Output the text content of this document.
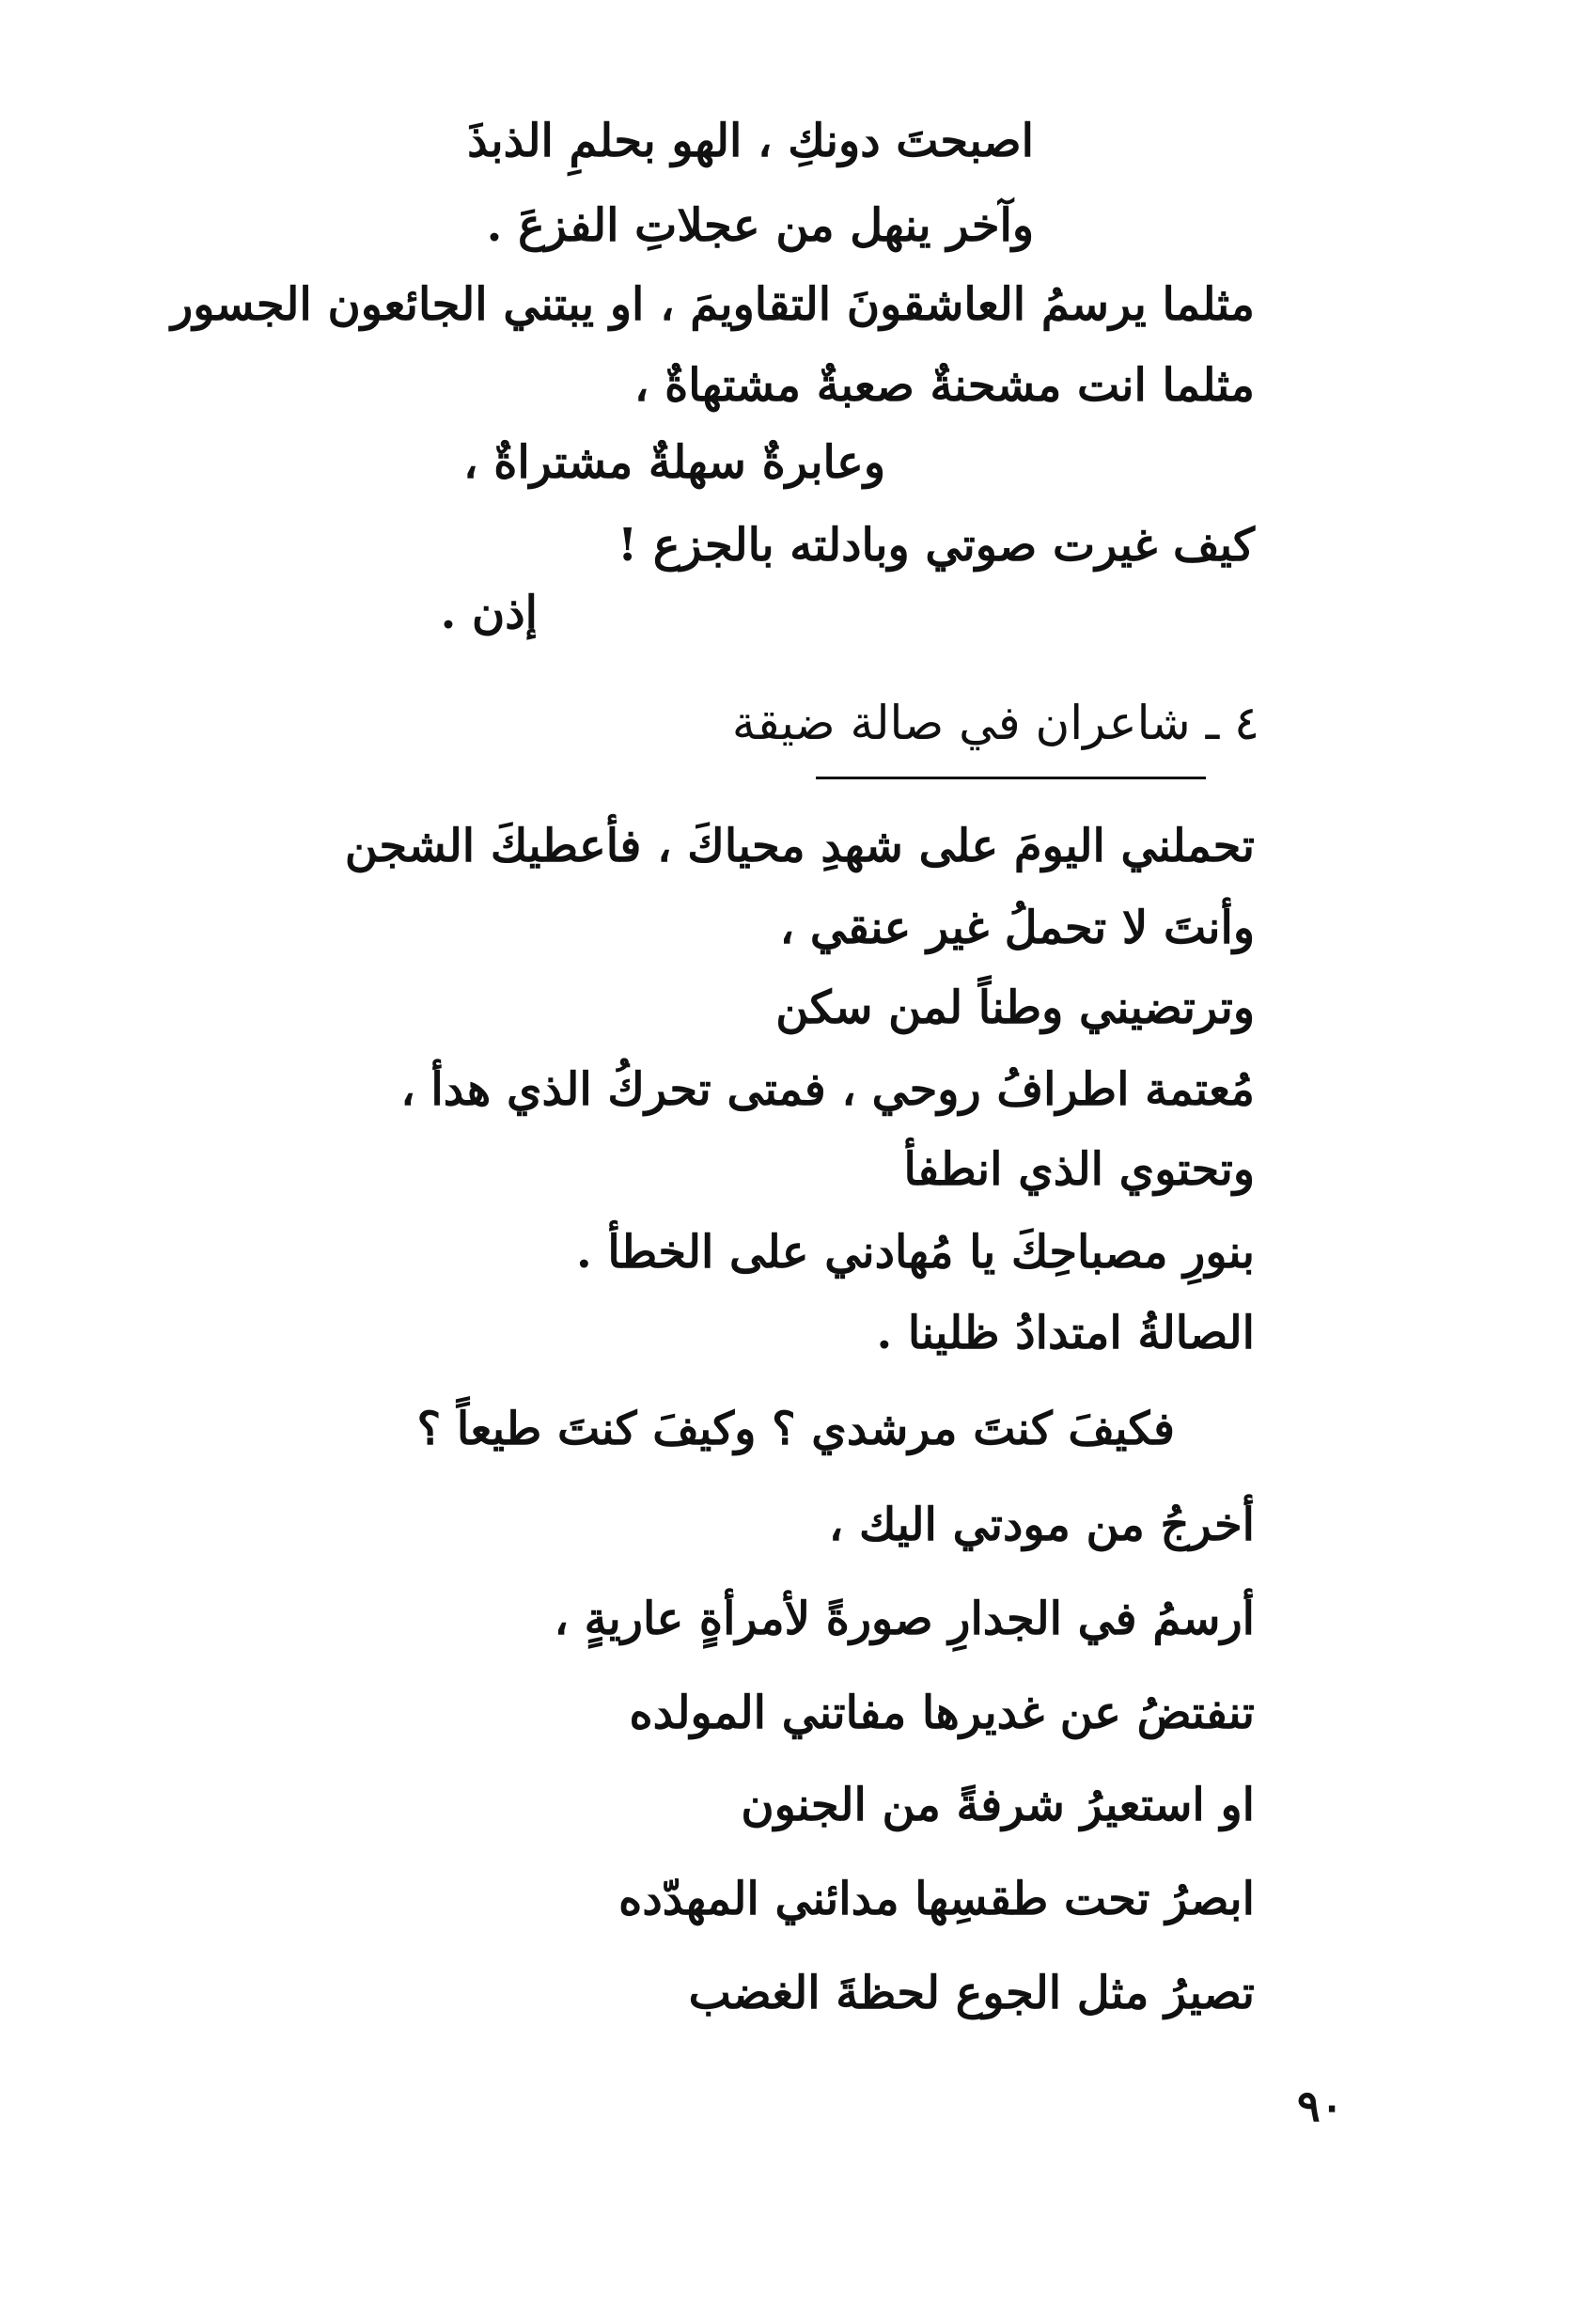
اصبحتَ دونكِ ، الهو بحلمِ الذبذَ
وآخر ينهل من عجلاتِ الفزعَ .
مثلما يرسمُ العاشقونَ التقاويمَ ، او يبتني الجائعون الجسور
مثلما انت مشحنةٌ صعبةٌ مشتهاةٌ ،
وعابرةٌ سهلةٌ مشتراةٌ ،
كيف غيرت صوتي وبادلته بالجزع !
إذن .
٤ ـ شاعران في صالة ضيقة
تحملني اليومَ على شهدِ محياكَ ، فأعطيكَ الشجن
وأنتَ لا تحملُ غير عنقي ،
وترتضيني وطناً لمن سكن
مُعتمة اطرافُ روحي ، فمتى تحركُ الذي هدأ ،
وتحتوي الذي انطفأ
بنورِ مصباحِكَ يا مُهادني على الخطأ .
الصالةُ امتدادُ ظلينا .
فكيفَ كنتَ مرشدي ؟ وكيفَ كنتَ طيعاً ؟
أخرجُ من مودتي اليك ،
أرسمُ في الجدارِ صورةً لأمرأةٍ عاريةٍ ،
تنفتضُ عن غديرها مفاتني المولده
او استعيرُ شرفةً من الجنون
ابصرُ تحت طقسِها مدائني المهدّده
تصيرُ مثل الجوع لحظةَ الغضب
٩٠
